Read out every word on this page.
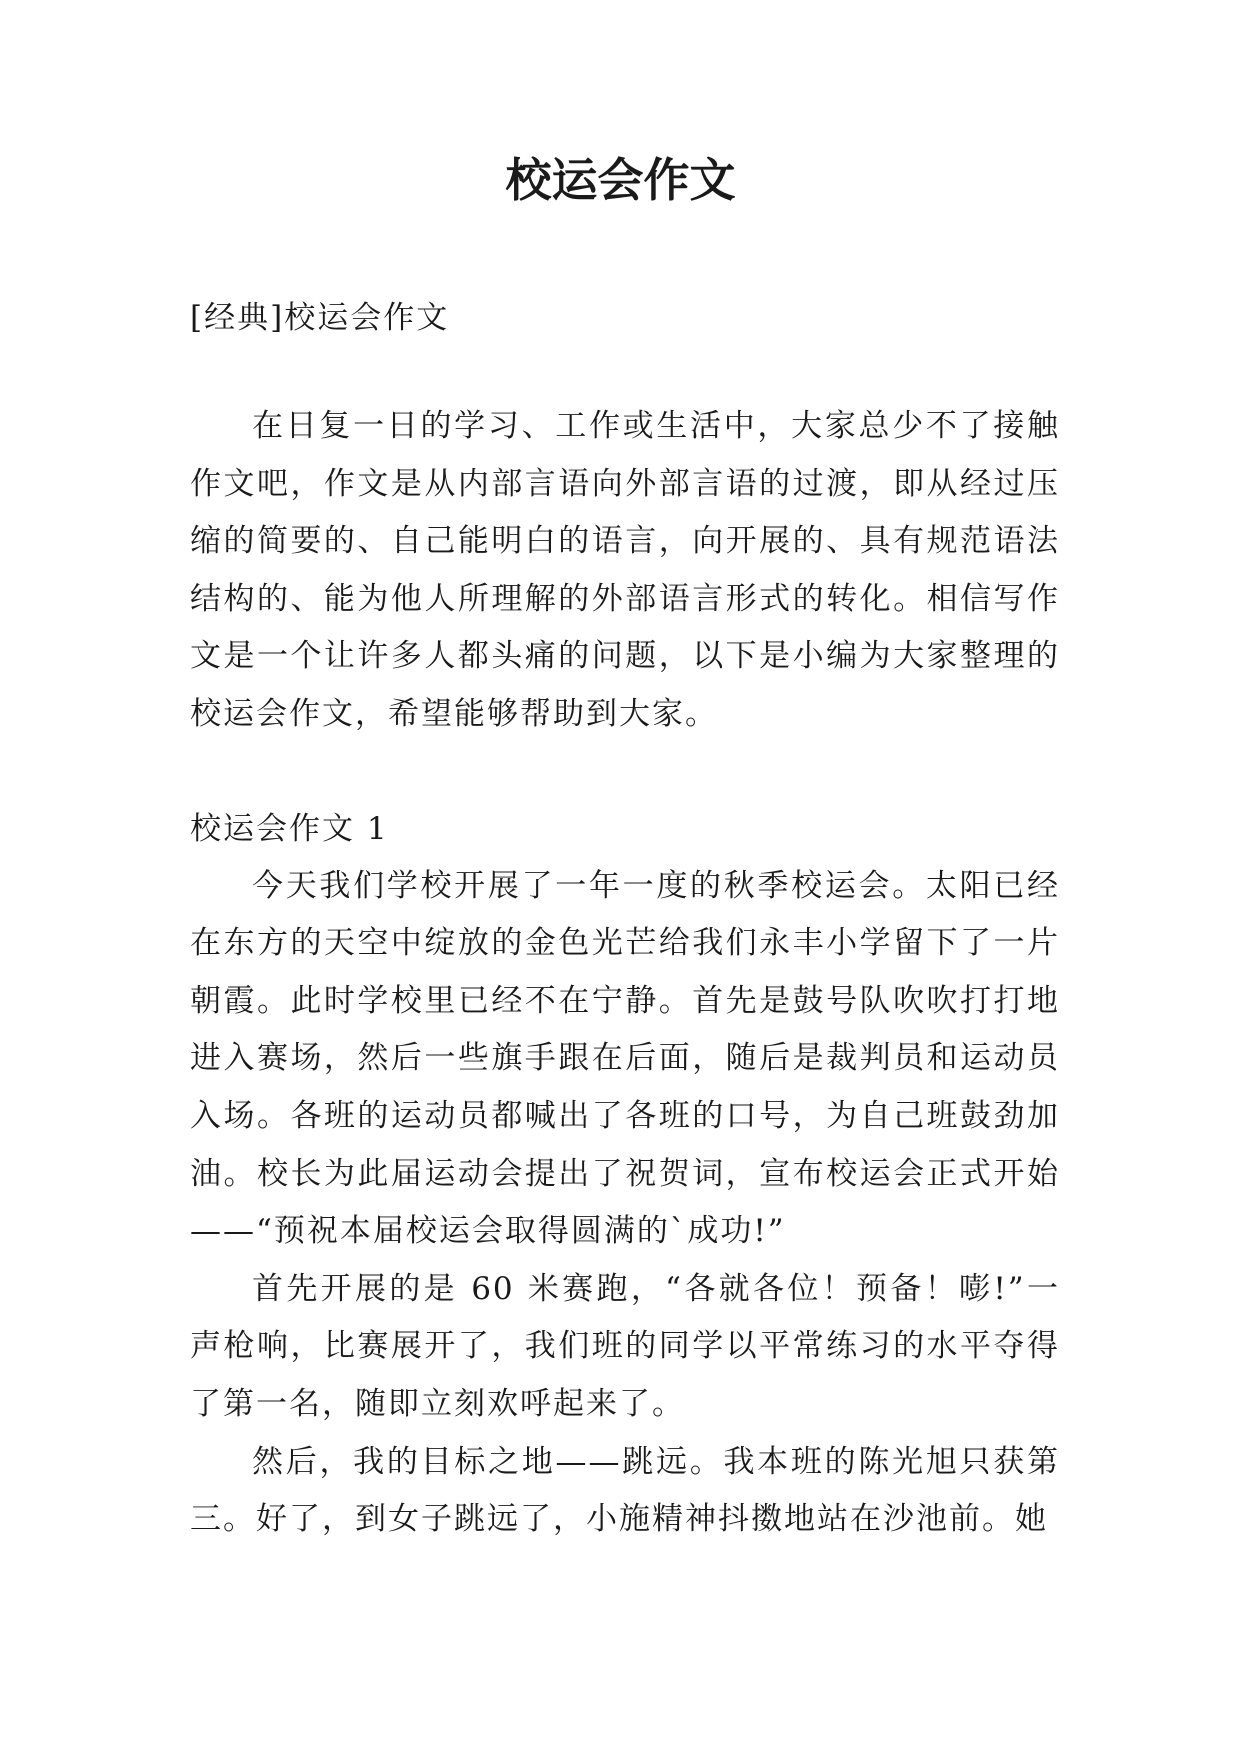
校运会作文

[经典]校运会作文

在日复一日的学习、工作或生活中，大家总少不了接触作文吧，作文是从内部言语向外部言语的过渡，即从经过压缩的简要的、自己能明白的语言，向开展的、具有规范语法结构的、能为他人所理解的外部语言形式的转化。相信写作文是一个让许多人都头痛的问题，以下是小编为大家整理的校运会作文，希望能够帮助到大家。

校运会作文 1

今天我们学校开展了一年一度的秋季校运会。太阳已经在东方的天空中绽放的金色光芒给我们永丰小学留下了一片朝霞。此时学校里已经不在宁静。首先是鼓号队吹吹打打地进入赛场，然后一些旗手跟在后面，随后是裁判员和运动员入场。各班的运动员都喊出了各班的口号，为自己班鼓劲加油。校长为此届运动会提出了祝贺词，宣布校运会正式开始——“预祝本届校运会取得圆满的`成功!”

首先开展的是 60 米赛跑，“各就各位！预备！嘭!”一声枪响，比赛展开了，我们班的同学以平常练习的水平夺得了第一名，随即立刻欢呼起来了。

然后，我的目标之地——跳远。我本班的陈光旭只获第三。好了，到女子跳远了，小施精神抖擞地站在沙池前。她
